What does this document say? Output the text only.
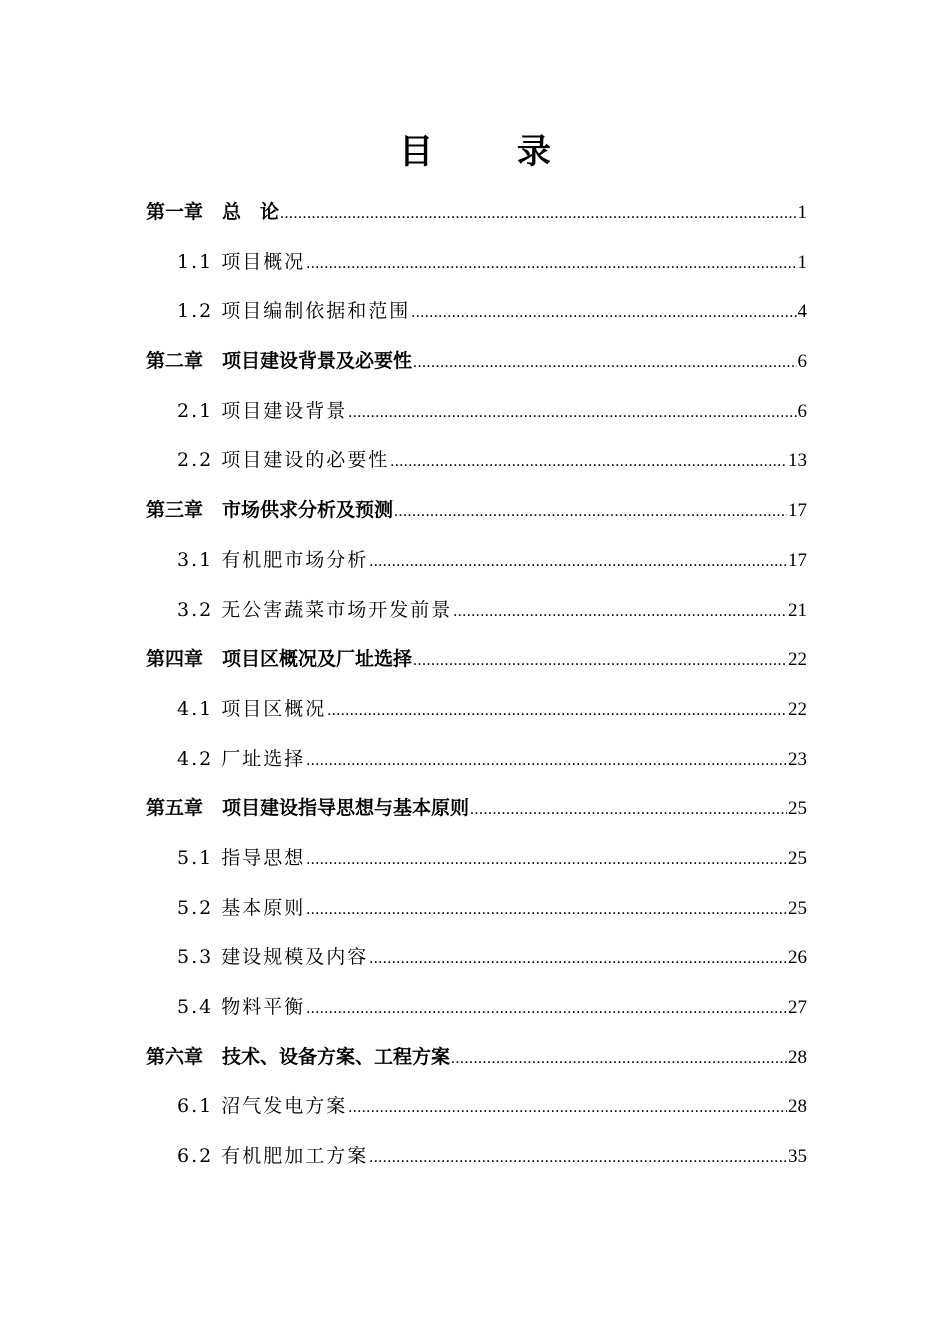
目 录
第一章　总　论 .....	1
1.1 项目概况 .....	1
1.2 项目编制依据和范围 .....	4
第二章　项目建设背景及必要性 .....	6
2.1 项目建设背景 .....	6
2.2 项目建设的必要性 .....	13
第三章　市场供求分析及预测 .....	17
3.1 有机肥市场分析 .....	17
3.2 无公害蔬菜市场开发前景 .....	21
第四章　项目区概况及厂址选择 .....	22
4.1 项目区概况 .....	22
4.2 厂址选择 .....	23
第五章　项目建设指导思想与基本原则 .....	25
5.1 指导思想 .....	25
5.2 基本原则 .....	25
5.3 建设规模及内容 .....	26
5.4 物料平衡 .....	27
第六章　技术、设备方案、工程方案 .....	28
6.1 沼气发电方案 .....	28
6.2 有机肥加工方案 .....	35
